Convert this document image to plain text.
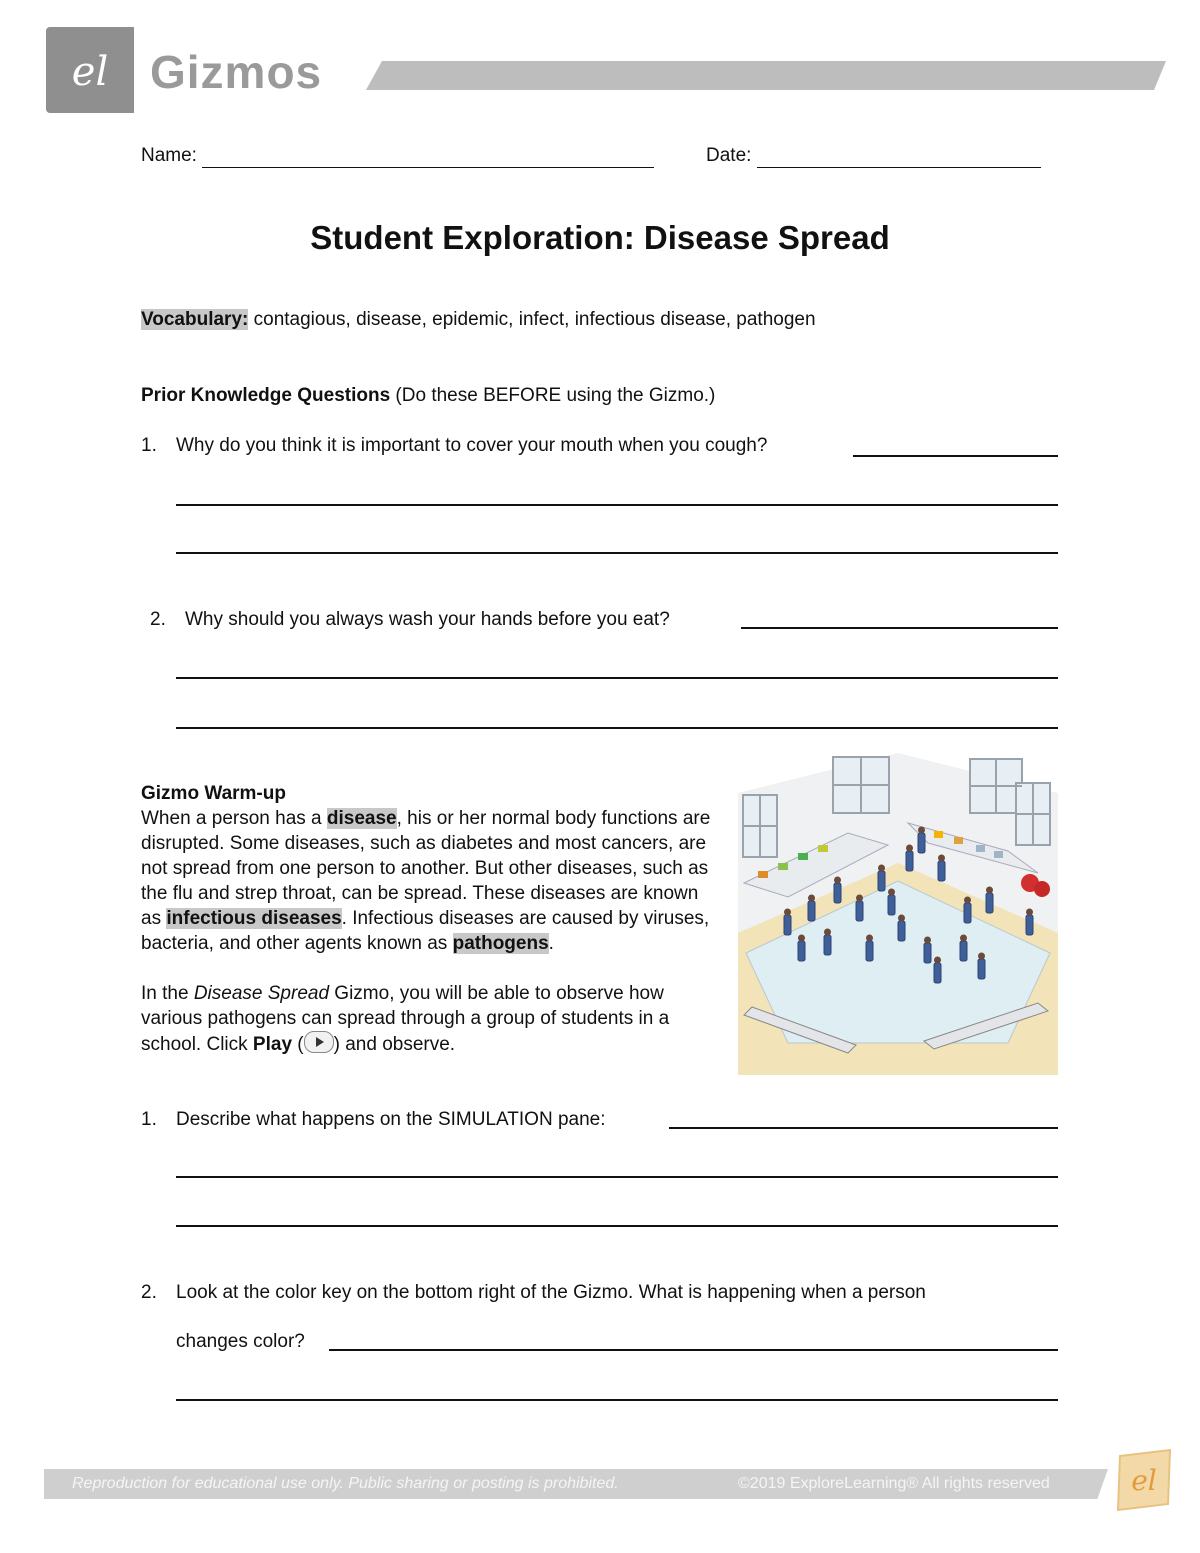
el Gizmos
Name:	Date:
Student Exploration: Disease Spread
Vocabulary: contagious, disease, epidemic, infect, infectious disease, pathogen
Prior Knowledge Questions (Do these BEFORE using the Gizmo.)
1. Why do you think it is important to cover your mouth when you cough?
2. Why should you always wash your hands before you eat?
Gizmo Warm-up

When a person has a disease, his or her normal body functions are disrupted. Some diseases, such as diabetes and most cancers, are not spread from one person to another. But other diseases, such as the flu and strep throat, can be spread. These diseases are known as infectious diseases. Infectious diseases are caused by viruses, bacteria, and other agents known as pathogens.

In the Disease Spread Gizmo, you will be able to observe how various pathogens can spread through a group of students in a school. Click Play ( ) and observe.

1. Describe what happens on the SIMULATION pane:
2. Look at the color key on the bottom right of the Gizmo. What is happening when a person
changes color?
Reproduction for educational use only. Public sharing or posting is prohibited.	©2019 ExploreLearning® All rights reserved	el
